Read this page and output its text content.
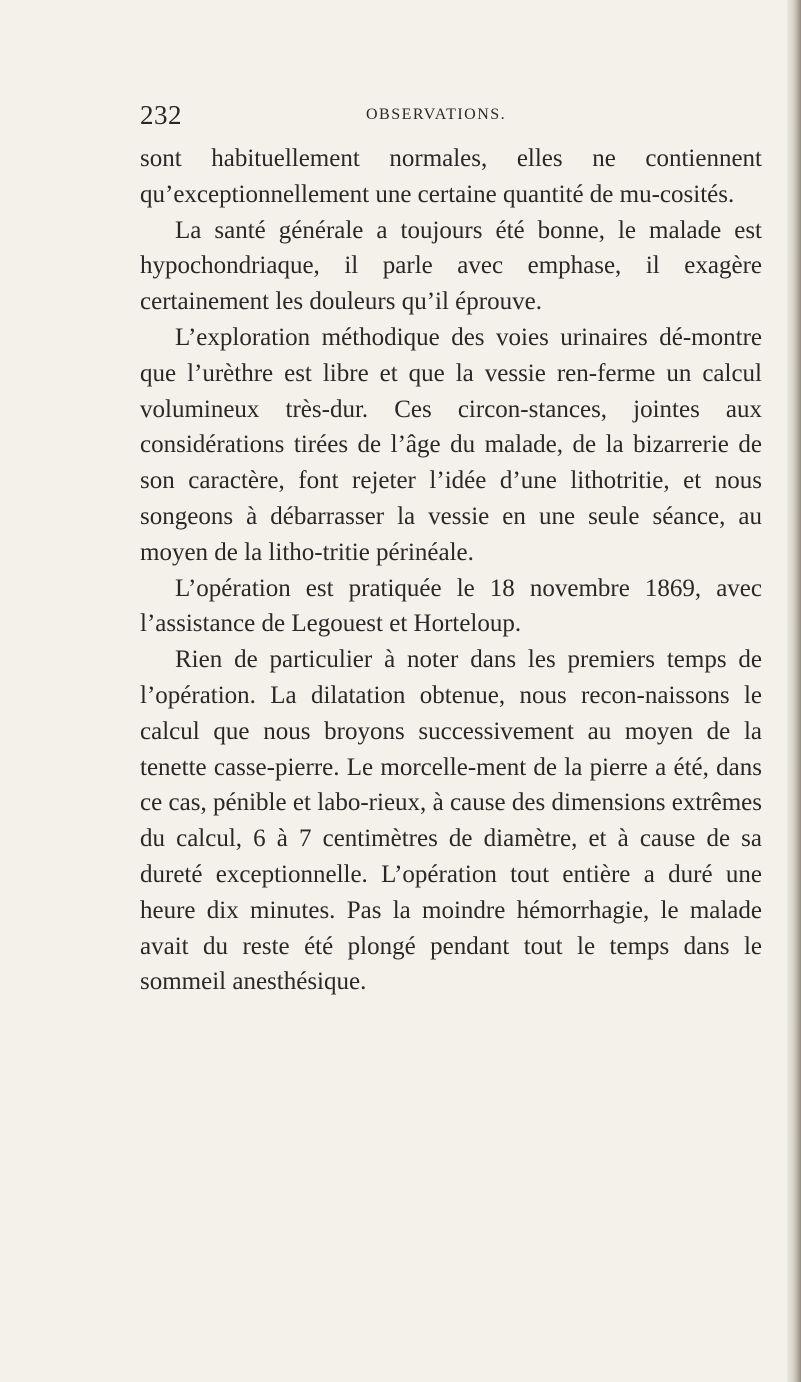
232	OBSERVATIONS.

sont habituellement normales, elles ne contiennent qu’exceptionnellement une certaine quantité de mu-cosités.

La santé générale a toujours été bonne, le malade est hypochondriaque, il parle avec emphase, il exagère certainement les douleurs qu’il éprouve.

L’exploration méthodique des voies urinaires dé-montre que l’urèthre est libre et que la vessie ren-ferme un calcul volumineux très-dur. Ces circon-stances, jointes aux considérations tirées de l’âge du malade, de la bizarrerie de son caractère, font rejeter l’idée d’une lithotritie, et nous songeons à débarrasser la vessie en une seule séance, au moyen de la litho-tritie périnéale.

L’opération est pratiquée le 18 novembre 1869, avec l’assistance de Legouest et Horteloup.

Rien de particulier à noter dans les premiers temps de l’opération. La dilatation obtenue, nous recon-naissons le calcul que nous broyons successivement au moyen de la tenette casse-pierre. Le morcelle-ment de la pierre a été, dans ce cas, pénible et labo-rieux, à cause des dimensions extrêmes du calcul, 6 à 7 centimètres de diamètre, et à cause de sa dureté exceptionnelle. L’opération tout entière a duré une heure dix minutes. Pas la moindre hémorrhagie, le malade avait du reste été plongé pendant tout le temps dans le sommeil anesthésique.
